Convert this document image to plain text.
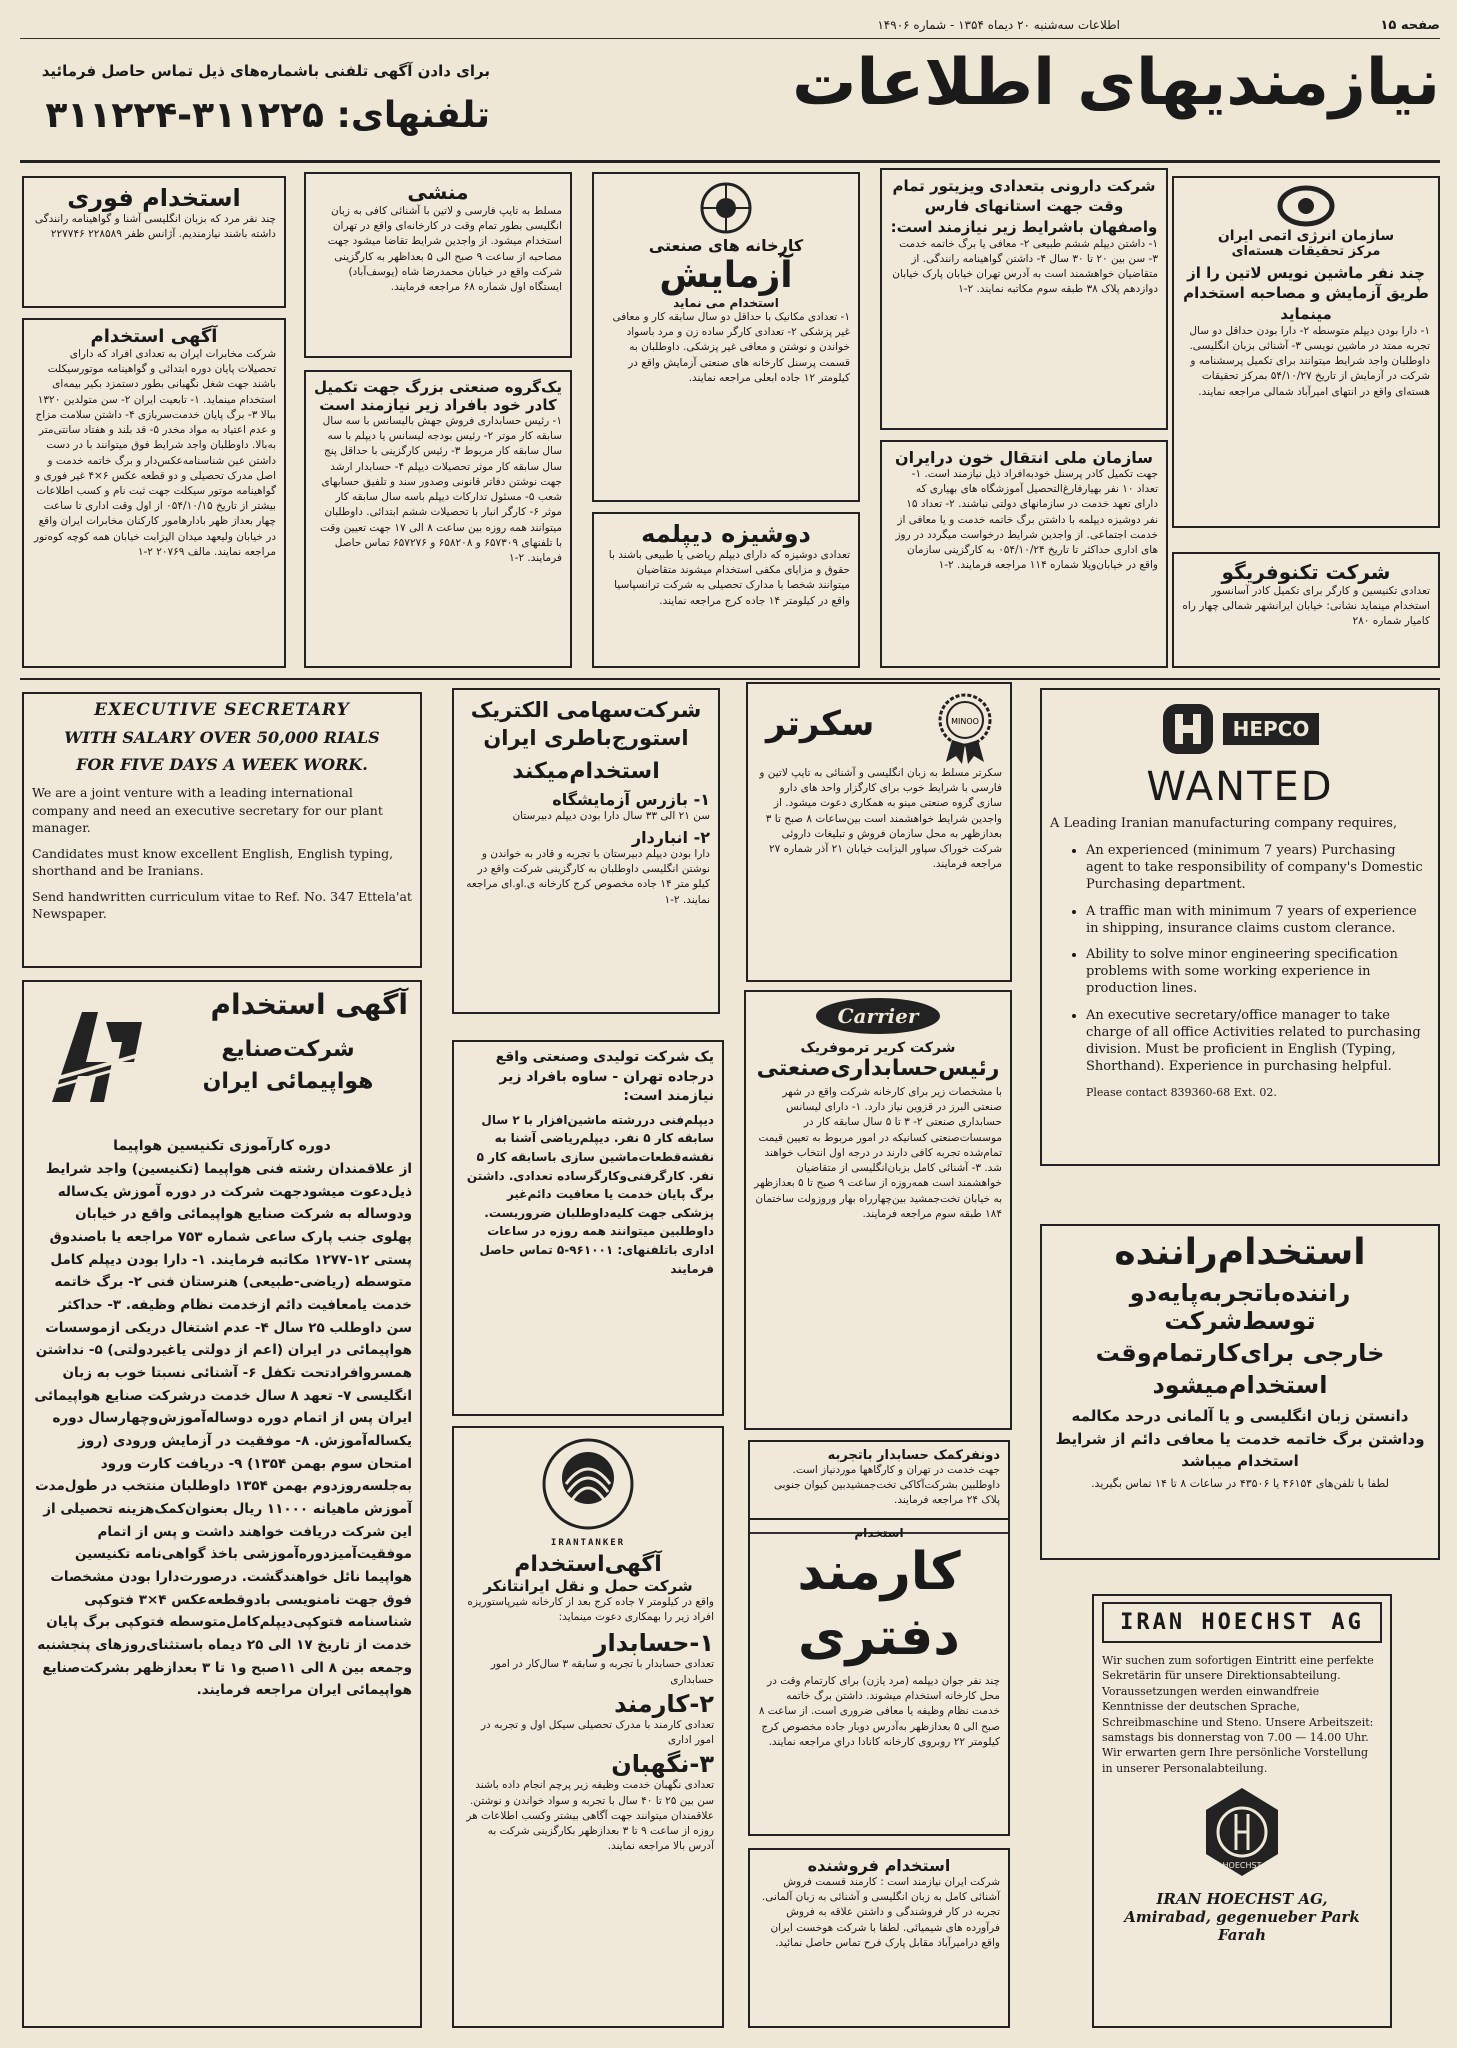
صفحه ۱۵
اطلاعات سه‌شنبه ۲۰ دیماه ۱۳۵۴ - شماره ۱۴۹۰۶
نیازمندیهای اطلاعات
برای دادن آگهی تلفنی باشماره‌های ذیل تماس حاصل فرمائید
تلفنهای: ۳۱۱۲۲۵-۳۱۱۲۲۴
استخدام فوری
چند نفر مرد که بزبان انگلیسی آشنا و گواهینامه رانندگی داشته باشند نیازمندیم. آژانس ظفر ۲۲۸۵۸۹ ۲۲۷۷۴۶
آگهی استخدام
شرکت مخابرات ایران به تعدادی افراد که دارای تحصیلات پایان دوره ابتدائی و گواهینامه موتورسیکلت باشند جهت شغل نگهبانی بطور دستمزد بکیر بیمه‌ای استخدام مینماید. ۱- تابعیت ایران ۲- سن متولدین ۱۳۲۰ ببالا ۳- برگ پایان خدمت‌سربازی ۴- داشتن سلامت مزاج و عدم اعتیاد به مواد مخدر ۵- قد بلند و هفتاد سانتی‌متر به‌بالا. داوطلبان واجد شرایط فوق میتوانند با در دست داشتن عین شناسنامه‌عکس‌دار و برگ خاتمه خدمت و اصل مدرک تحصیلی و دو قطعه عکس ۶×۴ غیر فوری و گواهینامه موتور سیکلت جهت ثبت نام و کسب اطلاعات بیشتر از تاریخ ۰۵۴/۱۰/۱۵ از اول وقت اداری تا ساعت چهار بعداز ظهر بادارهامور کارکنان مخابرات ایران واقع در خیابان ولیعهد میدان الیزابت خیابان همه کوچه‌ کوه‌نور مراجعه نمایند. مالف ۲۰۷۶۹ ۲-۱
منشی
مسلط به تایپ فارسی و لاتین با آشنائی کافی به زبان انگلیسی بطور تمام وقت در کارخانه‌ای واقع در تهران استخدام میشود. از واجدین شرایط تقاضا میشود جهت مصاحبه از ساعت ۹ صبح الی ۵ بعداظهر به کارگزینی شرکت واقع در خیابان محمدرضا شاه (یوسف‌آباد) ایستگاه اول شماره ۶۸ مراجعه فرمایند.
یک‌گروه صنعتی بزرگ جهت تکمیل کادر خود بافراد زیر نیازمند است
۱- رئیس حسابداری فروش جهش بالیسانس با سه سال سابقه کار موتر ۲- رئیس بودجه لیسانس یا دیپلم با سه سال سابقه کار مربوط ۳- رئیس کارگزینی با حداقل پنج سال سابقه کار موثر تحصیلات دیپلم ۴- حسابدار ارشد جهت نوشتن دفاتر قانونی وصدور سند و تلفیق حسابهای شعب ۵- مسئول تدارکات دیپلم باسه سال سابقه کار موثر ۶- کارگر انبار با تحصیلات ششم ابتدائی. داوطلبان میتوانند همه روزه بین ساعت ۸ الی ۱۷ جهت تعیین وقت با تلفنهای ۶۵۷۳۰۹ و ۶۵۸۲۰۸ و ۶۵۷۲۷۶ تماس حاصل فرمایند. ۲-۱
کارخانه های صنعتی
آزمایش
استخدام می نماید
۱- تعدادی مکانیک با حداقل دو سال سابقه کار و معافی غیر پزشکی ۲- تعدادی کارگر ساده زن و مرد باسواد خواندن و نوشتن و معافی غیر پزشکی. داوطلبان به قسمت پرسنل کارخانه های صنعتی آزمایش واقع در کیلومتر ۱۲ جاده ابعلی مراجعه نمایند.
دوشیزه دیپلمه
تعدادی دوشیزه که دارای دیپلم ریاضی یا طبیعی باشند با حقوق و مزایای مکفی استخدام میشوند متقاضیان میتوانند شخصا با مدارک تحصیلی به شرکت ترانسپاسیا واقع در کیلومتر ۱۴ جاده کرج مراجعه نمایند.
شرکت دارونی بتعدادی ویزیتور تمام وقت جهت استانهای فارس واصفهان باشرایط زیر نیازمند است:
۱- داشتن دیپلم ششم طبیعی ۲- معافی یا برگ خاتمه خدمت ۳- سن بین ۲۰ تا ۳۰ سال ۴- داشتن گواهینامه رانندگی. از متقاضیان خواهشمند است به آدرس تهران خیابان پارک خیابان دوازدهم پلاک ۳۸ طبقه سوم مکاتبه نمایند. ۲-۱
سازمان ملی انتقال خون درایران
جهت تکمیل کادر پرسنل خودبه‌افراد ذیل نیازمند است. ۱- تعداد ۱۰ نفر بهیارفارغ‌التحصیل آموزشگاه های بهیاری که دارای تعهد خدمت در سازمانهای دولتی نباشند. ۲- تعداد ۱۵ نفر دوشیزه دیپلمه با داشتن برگ خاتمه خدمت و یا معافی از خدمت اجتماعی. از واجدین شرایط درخواست میگردد در روز های اداری حداکثر تا تاریخ ۰۵۴/۱۰/۲۴ به کارگزینی سازمان واقع در خیابان‌ویلا شماره ۱۱۴ مراجعه فرمایند. ۲-۱
سازمان انرژی اتمی ایران
مرکز تحقیقات هسته‌ای
چند نفر ماشین نویس لاتین را از طریق آزمایش و مصاحبه استخدام مینماید
۱- دارا بودن دیپلم متوسطه ۲- دارا بودن حداقل دو سال تجربه ممتد در ماشین نویسی ۳- آشنائی بزبان انگلیسی. داوطلبان واجد شرایط میتوانند برای تکمیل پرسشنامه و شرکت در آزمایش از تاریخ ۵۴/۱۰/۲۷ بمرکز تحقیقات هسته‌ای واقع در انتهای امیرآباد شمالی مراجعه نمایند.
شرکت تکنوفریگو
تعدادی تکنیسین و کارگر برای تکمیل کادر آسانسور استخدام مینماید نشانی: خیابان ایرانشهر شمالی چهار راه کامیار شماره ۲۸۰
EXECUTIVE SECRETARY
WITH SALARY OVER 50,000 RIALS
FOR FIVE DAYS A WEEK WORK.
We are a joint venture with a leading international company and need an executive secretary for our plant manager.
Candidates must know excellent English, English typing, shorthand and be Iranians.
Send handwritten curriculum vitae to Ref. No. 347 Ettela'at Newspaper.
شرکت‌سهامی الکتریک استورج‌باطری ایران
استخدام‌میکند
۱- بازرس آزمایشگاه
سن ۲۱ الی ۳۳ سال دارا بودن دیپلم دبیرستان
۲- انباردار
دارا بودن دیپلم دبیرستان با تجربه و قادر به خواندن و نوشتن انگلیسی داوطلبان به کارگزینی شرکت واقع در کیلو متر ۱۴ جاده مخصوص کرج کارخانه ی.او.ای مراجعه نمایند. ۲-۱
MINOO
سکرتر
سکرتر مسلط به زبان انگلیسی و آشنائی به تایپ لاتین و فارسی با شرایط خوب برای کارگزار واحد های دارو سازی گروه صنعتی مینو به همکاری دعوت میشود. از واجدین شرایط خواهشمند است بین‌ساعات ۸ صبح تا ۳ بعدازظهر به محل سازمان فروش و تبلیغات داروئی شرکت خوراک سپاور الیزابت خیابان ۲۱ آذر شماره ۲۷ مراجعه فرمایند.
Carrier
شرکت کریر ترموفریک
رئیس‌حسابداری‌صنعتی
با مشخصات زیر برای کارخانه شرکت واقع در شهر صنعتی البرز در قزوین نیاز دارد. ۱- دارای لیسانس حسابداری صنعتی ۲- ۳ تا ۵ سال سابقه کار در موسسات‌صنعتی کسانیکه در امور مربوط به تعیین قیمت تمام‌شده تجربه کافی دارند در درجه اول انتخاب خواهند شد. ۳- آشنائی کامل بزبان‌انگلیسی از متقاضیان خواهشمند است همه‌روزه از ساعت ۹ صبح تا ۵ بعدازظهر به خیابان تخت‌جمشید بین‌چهارراه بهار وروزولت ساختمان ۱۸۴ طبقه سوم مراجعه فرمایند.
HEPCO
WANTED
A Leading Iranian manufacturing company requires,
• An experienced (minimum 7 years) Purchasing agent to take responsibility of company's Domestic Purchasing department.
• A traffic man with minimum 7 years of experience in shipping, insurance claims custom clerance.
• Ability to solve minor engineering specification problems with some working experience in production lines.
• An executive secretary/office manager to take charge of all office Activities related to purchasing division. Must be proficient in English (Typing, Shorthand). Experience in purchasing helpful.
Please contact 839360-68 Ext. 02.
آگهی استخدام
شرکت‌صنایع هواپیمائی ایران
دوره کارآموزی تکنیسین هواپیما
از علاقمندان رشته فنی هواپیما (تکنیسین) واجد شرایط ذیل‌دعوت میشود‌جهت شرکت در دوره آموزش یک‌ساله ودوساله به شرکت صنایع هواپیمائی واقع در خیابان پهلوی جنب پارک ساعی شماره ۷۵۳ مراجعه یا باصندوق پستی ۱۲-۱۲۷۷ مکاتبه فرمایند. ۱- دارا بودن دیپلم کامل متوسطه (ریاضی-طبیعی) هنرستان فنی ۲- برگ خاتمه خدمت یامعافیت دائم ازخدمت نظام وظیفه. ۳- حداکثر سن داوطلب ۲۵ سال ۴- عدم اشتغال دریکی ازموسسات هواپیمائی در ایران (اعم از دولتی یاغیردولتی) ۵- نداشتن همسروافرادتحت تکفل ۶- آشنائی نسبتا خوب به زبان انگلیسی ۷- تعهد ۸ سال خدمت درشرکت صنایع هواپیمائی ایران پس از اتمام دوره دوساله‌آموزش‌وچهارسال دوره یکساله‌آموزش. ۸- موفقیت در آزمایش ورودی (روز امتحان سوم بهمن ۱۳۵۴) ۹- دریافت کارت ورود به‌جلسه‌روزدوم بهمن ۱۳۵۴ داوطلبان منتخب در طول‌مدت آموزش ماهیانه ۱۱۰۰۰ ریال بعنوان‌کمک‌هزینه تحصیلی از این شرکت دریافت خواهند داشت و پس از اتمام موفقیت‌آمیزدوره‌آموزشی باخذ گواهی‌نامه تکنیسین هواپیما نائل خواهندگشت. درصورت‌دارا بودن مشخصات فوق جهت نامنویسی بادوقطعه‌عکس ۴×۳ فتوکپی شناسنامه فتوکپی‌دیپلم‌کامل‌متوسطه فتوکپی برگ پایان خدمت از تاریخ ۱۷ الی ۲۵ دیماه باستثنای‌روزهای پنجشنبه وجمعه بین ۸ الی ۱۱صبح و۱ تا ۳ بعدازظهر بشرکت‌صنایع هواپیمائی ایران مراجعه فرمایند.
یک شرکت تولیدی وصنعتی واقع درجاده تهران - ساوه بافراد زیر نیازمند است:
دیپلم‌فنی دررشته ماشین‌افزار با ۲ سال سابقه کار ۵ نفر. دیپلم‌ریاضی آشنا به نقشه‌قطعات‌ماشین سازی باسابقه کار ۵ نفر. کارگرفنی‌وکارگرساده تعدادی. داشتن برگ پایان خدمت یا معافیت دائم‌غیر پزشکی جهت کلیه‌داوطلبان ضروریست. داوطلبین میتوانند همه روزه در ساعات اداری باتلفنهای: ۹۶۱۰۰۱-۵ تماس حاصل فرمایند
IRANTANKER
آگهی‌استخدام
شرکت حمل و نقل ایرانتانکر
واقع در کیلومتر ۷ جاده کرج بعد از کارخانه شیرپاستوریزه افراد زیر را بهمکاری دعوت مینماید:
۱-حسابدار
تعدادی حسابدار با تجربه و سابقه ۳ سال‌کار در امور حسابداری
۲-کارمند
تعدادی کارمند با مدرک تحصیلی سیکل اول و تجربه در امور اداری
۳-نگهبان
تعدادی نگهبان خدمت وظیفه زیر پرچم انجام داده باشند سن بین ۲۵ تا ۴۰ سال با تجربه و سواد خواندن و نوشتن. علاقمندان میتوانند جهت آگاهی بیشتر وکسب اطلاعات هر روزه از ساعت ۹ تا ۳ بعدازظهر بکارگزینی شرکت به آدرس بالا مراجعه نمایند.
دونفرکمک حسابدار باتجربه
جهت خدمت در تهران و کارگاهها موردنیاز است. داوطلبین بشرکت‌آکاکی تخت‌جمشید‌بین کیوان جنوبی پلاک ۲۴ مراجعه فرمایند.
استخدام
کارمند دفتری
چند نفر جوان دیپلمه (مرد یازن) برای کارتمام وقت در محل کارخانه استخدام میشوند. داشتن برگ خاتمه خدمت نظام وظیفه یا معافی ضروری است. از ساعت ۸ صبح الی ۵ بعدازظهر به‌آدرس دوبار جاده مخصوص کرج کیلومتر ۲۲ روبروی کارخانه کانادا دراي مراجعه نمایند.
استخدام فروشنده
شرکت ایران نیازمند است : کارمند قسمت فروش آشنائی کامل به زبان انگلیسی و آشنائی به زبان آلمانی. تجربه در کار فروشندگی و داشتن علاقه به فروش فرآورده های شیمیائی. لطفا با شرکت هوخست ایران واقع درامیرآباد مقابل پارک فرح تماس حاصل نمائید.
استخدام‌راننده
راننده‌باتجربه‌پایه‌دو توسط‌شرکت
خارجی برای‌کار‌تمام‌وقت
استخدام‌میشود
دانستن زبان انگلیسی و یا آلمانی درحد مکالمه وداشتن برگ خاتمه خدمت یا معافی دائم از شرایط استخدام میباشد
لطفا با تلفن‌های ۴۶۱۵۴ یا ۴۳۵۰۶ در ساعات ۸ تا ۱۴ تماس بگیرید.
IRAN HOECHST AG
Wir suchen zum sofortigen Eintritt eine perfekte Sekretärin für unsere Direktionsabteilung. Voraussetzungen werden einwandfreie Kenntnisse der deutschen Sprache, Schreibmaschine und Steno. Unsere Arbeitszeit: samstags bis donnerstag von 7.00 — 14.00 Uhr. Wir erwarten gern Ihre persönliche Vorstellung in unserer Personalabteilung.
HOECHST
IRAN HOECHST AG,
Amirabad, gegenueber Park Farah
